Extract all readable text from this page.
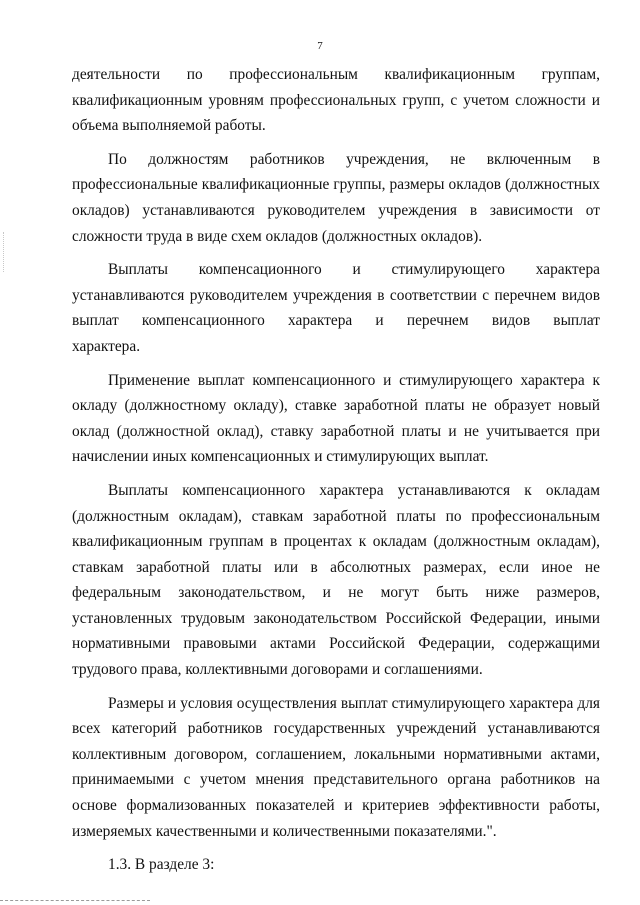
7
деятельности по профессиональным квалификационным группам,
квалификационным уровням профессиональных групп, с учетом сложности и
объема выполняемой работы.
По должностям работников учреждения, не включенным в
профессиональные квалификационные группы, размеры окладов (должностных
окладов) устанавливаются руководителем учреждения в зависимости от
сложности труда в виде схем окладов (должностных окладов).
Выплаты компенсационного и стимулирующего характера
устанавливаются руководителем учреждения в соответствии с перечнем видов
выплат компенсационного характера и перечнем видов выплат
характера.
Применение выплат компенсационного и стимулирующего характера к
окладу (должностному окладу), ставке заработной платы не образует новый
оклад (должностной оклад), ставку заработной платы и не учитывается при
начислении иных компенсационных и стимулирующих выплат.
Выплаты компенсационного характера устанавливаются к окладам
(должностным окладам), ставкам заработной платы по профессиональным
квалификационным группам в процентах к окладам (должностным окладам),
ставкам заработной платы или в абсолютных размерах, если иное не
федеральным законодательством, и не могут быть ниже размеров,
установленных трудовым законодательством Российской Федерации, иными
нормативными правовыми актами Российской Федерации, содержащими
трудового права, коллективными договорами и соглашениями.
Размеры и условия осуществления выплат стимулирующего характера для
всех категорий работников государственных учреждений устанавливаются
коллективным договором, соглашением, локальными нормативными актами,
принимаемыми с учетом мнения представительного органа работников на
основе формализованных показателей и критериев эффективности работы,
измеряемых качественными и количественными показателями.".
1.3. В разделе 3:
